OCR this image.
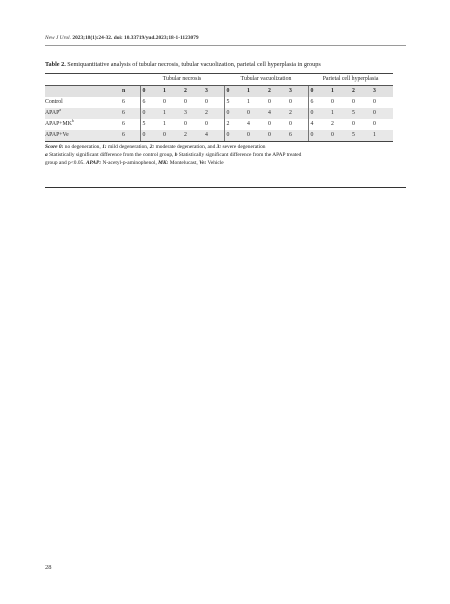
New J Urol. 2023;18(1):24-32. doi: 10.33719/yud.2023;18-1-1123079
Table 2. Semiquantitative analysis of tubular necrosis, tubular vacuolization, parietal cell hyperplasia in groups
		Tubular necrosis				Tubular vacuolization				Parietal cell hyperplasia			
	n	0	1	2	3	0	1	2	3	0	1	2	3
Control	6	6	0	0	0	5	1	0	0	6	0	0	0
APAP$^a$	6	0	1	3	2	0	0	4	2	0	1	5	0
$APAP+MK^b$	6	5	1	0	0	2	4	0	0	4	2	0	0
APAP+Ve	6	0	0	2	4	0	0	0	6	0	0	5	1

Score 0: no degeneration, 1: mild degeneration, 2: moderate degeneration, and 3: severe degeneration

a Statistically significant difference from the control group, b Statistically significant difference from the APAP treated

group and p<0.05. APAP: N-acetyl-p-aminophenol, MK: Montelucast, Ve: Vehicle

28
